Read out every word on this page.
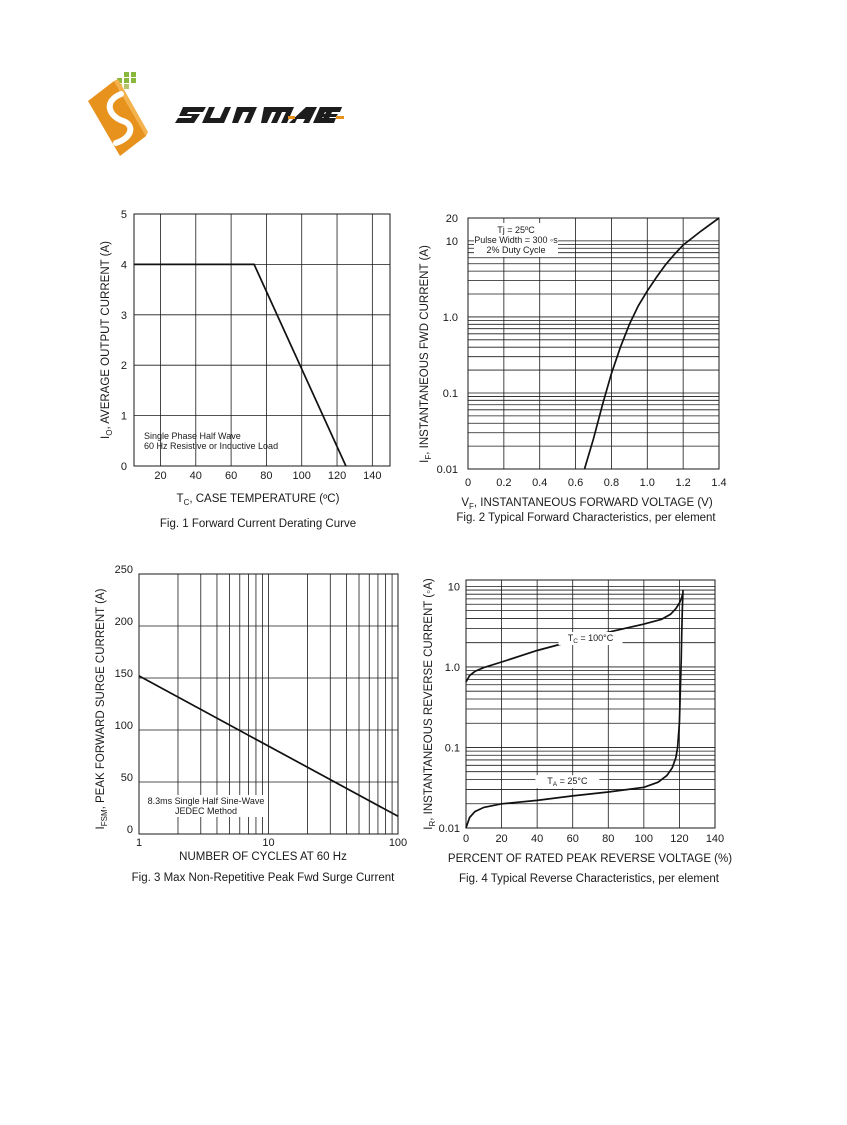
20 40 60 80 100 120 140
0
1
2
3
4
5
Single Phase Half Wave
60 Hz Resistive or Inductive Load
$T_C$, CASE TEMPERATURE (ºC)
$I_O$, AVERAGE OUTPUT CURRENT (A)
Fig. 1 Forward Current Derating Curve
Tj = 25ºC
Pulse Width = 300 ◦s
2% Duty Cycle
0 0.2 0.4 0.6 0.8 1.0 1.2 1.4
0.01
0.1
1.0
10
20
$V_F$, INSTANTANEOUS FORWARD VOLTAGE (V)
$I_F$, INSTANTANEOUS FWD CURRENT (A)
Fig. 2 Typical Forward Characteristics, per element
8.3ms Single Half Sine-Wave
JEDEC Method
1	10	100
0
50
100
150
200
250
NUMBER OF CYCLES AT 60 Hz
$I_{FSM}$, PEAK FORWARD SURGE CURRENT (A)
Fig. 3 Max Non-Repetitive Peak Fwd Surge Current
0 20 40 60 80 100 120 140
0.01
0.1
1.0
10
$T_C = 100^\circ C$
$T_A = 25^\circ C$
PERCENT OF RATED PEAK REVERSE VOLTAGE (%)
$I_R$, INSTANTANEOUS REVERSE CURRENT (◦A)
Fig. 4 Typical Reverse Characteristics, per element
